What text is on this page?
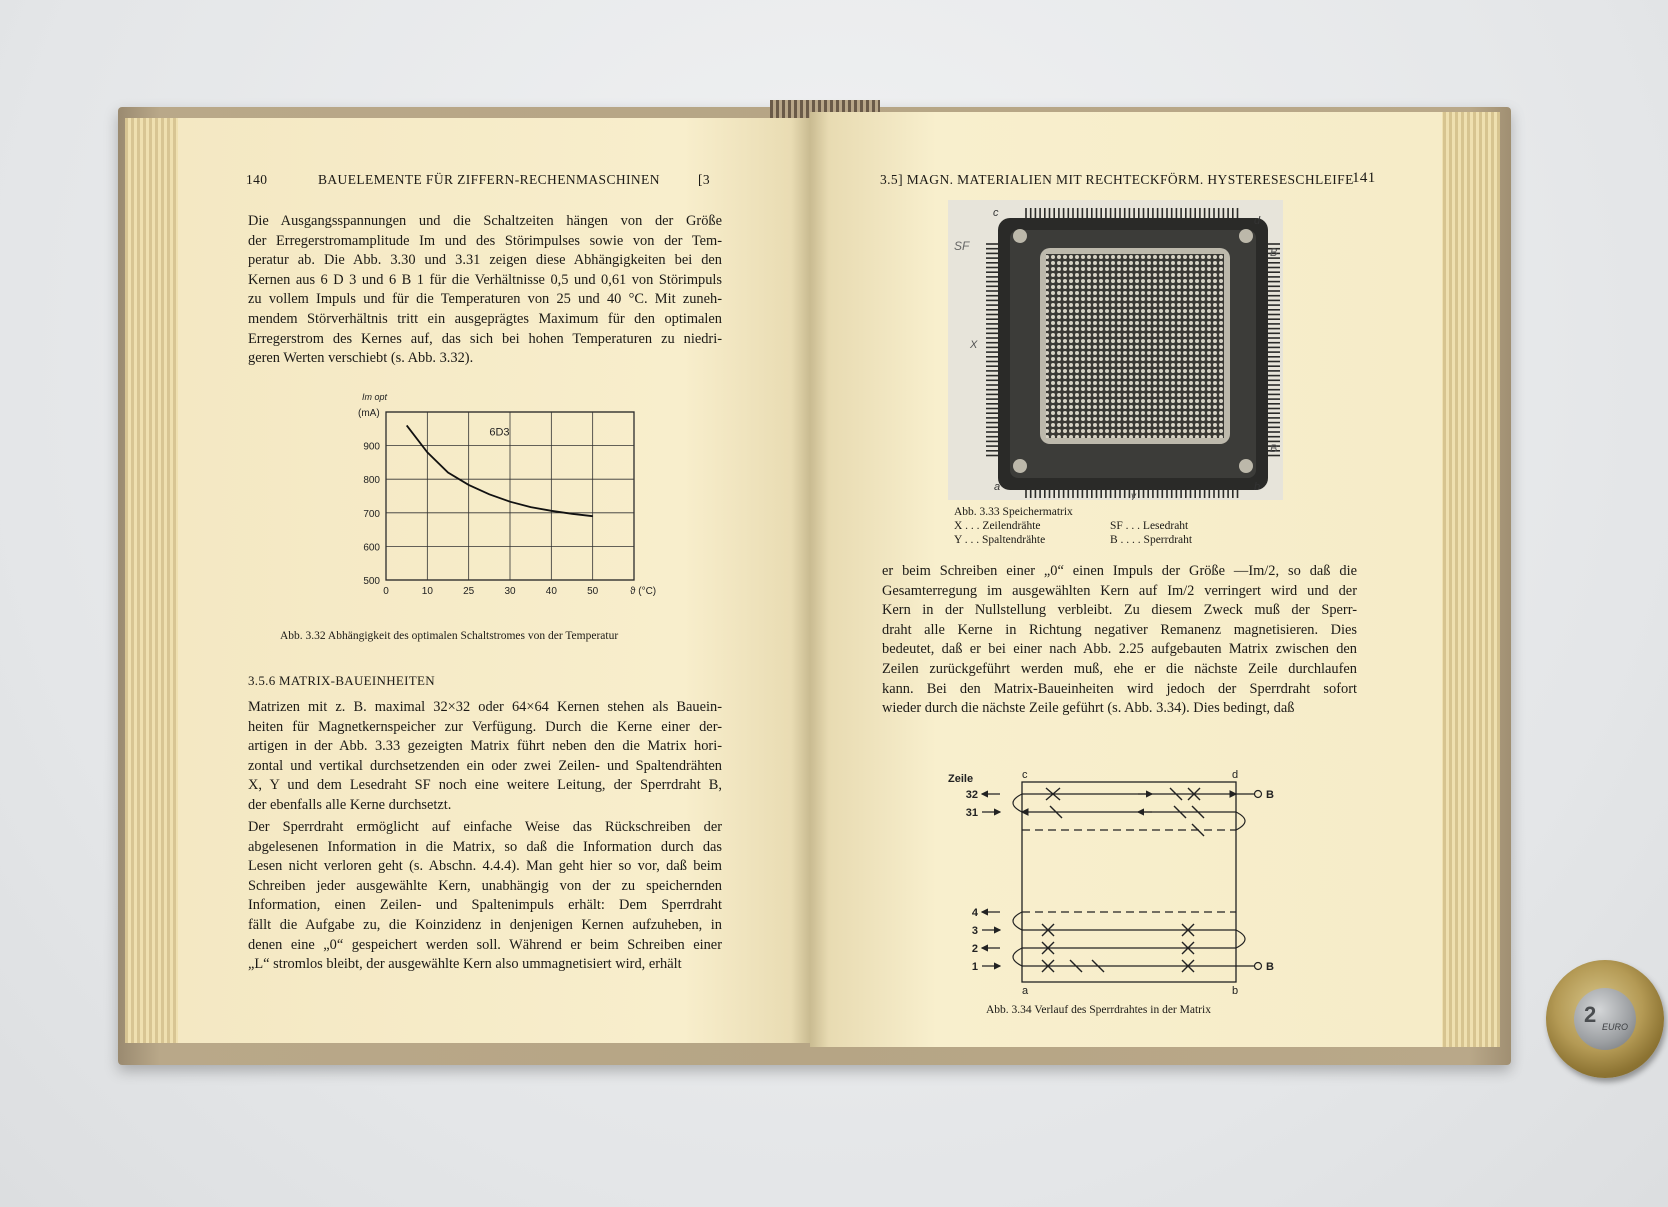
140	BAUELEMENTE FÜR ZIFFERN-RECHENMASCHINEN	[3
Die Ausgangsspannungen und die Schaltzeiten hängen von der Größe
der Erregerstromamplitude Im und des Störimpulses sowie von der Tem-
peratur ab. Die Abb. 3.30 und 3.31 zeigen diese Abhängigkeiten bei den
Kernen aus 6 D 3 und 6 B 1 für die Verhältnisse 0,5 und 0,61 von Störimpuls
zu vollem Impuls und für die Temperaturen von 25 und 40 °C. Mit zuneh-
mendem Störverhältnis tritt ein ausgeprägtes Maximum für den optimalen
Erregerstrom des Kernes auf, das sich bei hohen Temperaturen zu niedri-
geren Werten verschiebt (s. Abb. 3.32).
0	10	25	30	40	50
500
600
700
800
900
ϑ (°C)
Im opt
(mA)
6D3
Abb. 3.32 Abhängigkeit des optimalen Schaltstromes von der Temperatur
3.5.6 MATRIX-BAUEINHEITEN
Matrizen mit z. B. maximal 32×32 oder 64×64 Kernen stehen als Bauein-
heiten für Magnetkernspeicher zur Verfügung. Durch die Kerne einer der-
artigen in der Abb. 3.33 gezeigten Matrix führt neben den die Matrix hori-
zontal und vertikal durchsetzenden ein oder zwei Zeilen- und Spaltendrähten
X, Y und dem Lesedraht SF noch eine weitere Leitung, der Sperrdraht B,
der ebenfalls alle Kerne durchsetzt.
Der Sperrdraht ermöglicht auf einfache Weise das Rückschreiben der
abgelesenen Information in die Matrix, so daß die Information durch das
Lesen nicht verloren geht (s. Abschn. 4.4.4). Man geht hier so vor, daß beim
Schreiben jeder ausgewählte Kern, unabhängig von der zu speichernden
Information, einen Zeilen- und Spaltenimpuls erhält: Dem Sperrdraht
fällt die Aufgabe zu, die Koinzidenz in denjenigen Kernen aufzuheben, in
denen eine „0“ gespeichert werden soll. Während er beim Schreiben einer
„L“ stromlos bleibt, der ausgewählte Kern also ummagnetisiert wird, erhält
3.5] MAGN. MATERIALIEN MIT RECHTECKFÖRM. HYSTERESESCHLEIFE
141
c
d
SF	B
X
B
a	b
y
Abb. 3.33 Speichermatrix
X . . . Zeilendrähte	SF . . . Lesedraht
Y . . . Spaltendrähte	B . . . . Sperrdraht
er beim Schreiben einer „0“ einen Impuls der Größe —Im/2, so daß die
Gesamterregung im ausgewählten Kern auf Im/2 verringert wird und der
Kern in der Nullstellung verbleibt. Zu diesem Zweck muß der Sperr-
draht alle Kerne in Richtung negativer Remanenz magnetisieren. Dies
bedeutet, daß er bei einer nach Abb. 2.25 aufgebauten Matrix zwischen den
Zeilen zurückgeführt werden muß, ehe er die nächste Zeile durchlaufen
kann. Bei den Matrix-Baueinheiten wird jedoch der Sperrdraht sofort
wieder durch die nächste Zeile geführt (s. Abb. 3.34). Dies bedingt, daß
Zeile	c	d
a	b
B
B
32
31
4
3
2
1
Abb. 3.34 Verlauf des Sperrdrahtes in der Matrix	2 EURO
